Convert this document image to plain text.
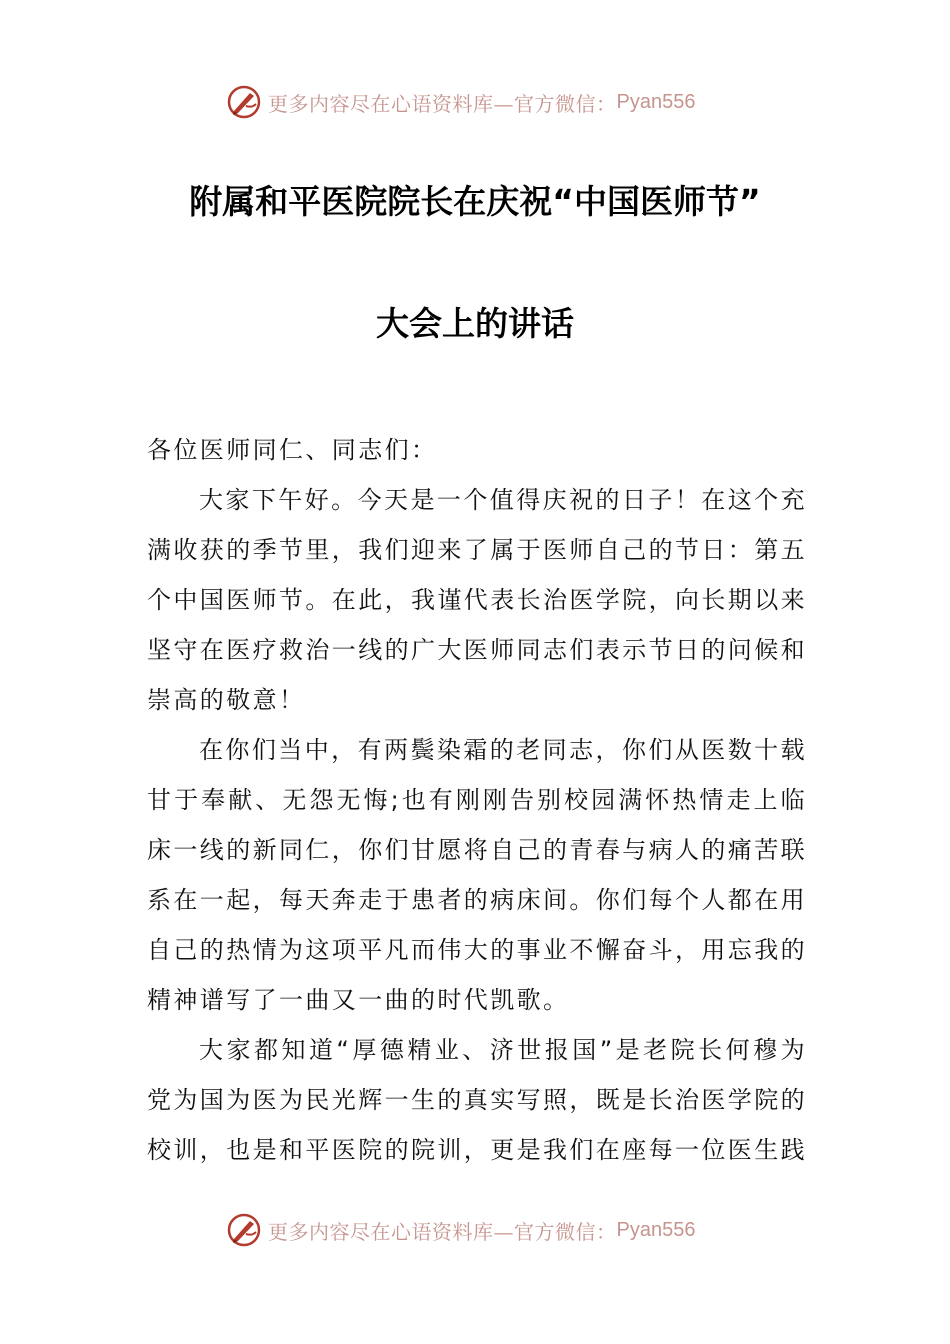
更多内容尽在心语资料库—官方微信： Pyan556
附属和平医院院长在庆祝“中国医师节”
大会上的讲话

各位医师同仁、同志们：

大家下午好。今天是一个值得庆祝的日子！在这个充满收获的季节里，我们迎来了属于医师自己的节日：第五个中国医师节。在此，我谨代表长治医学院，向长期以来坚守在医疗救治一线的广大医师同志们表示节日的问候和崇高的敬意！

在你们当中，有两鬓染霜的老同志，你们从医数十载甘于奉献、无怨无悔;也有刚刚告别校园满怀热情走上临床一线的新同仁，你们甘愿将自己的青春与病人的痛苦联系在一起，每天奔走于患者的病床间。你们每个人都在用自己的热情为这项平凡而伟大的事业不懈奋斗，用忘我的精神谱写了一曲又一曲的时代凯歌。

大家都知道“厚德精业、济世报国”是老院长何穆为党为国为医为民光辉一生的真实写照，既是长治医学院的校训，也是和平医院的院训，更是我们在座每一位医生践

更多内容尽在心语资料库—官方微信： Pyan556
